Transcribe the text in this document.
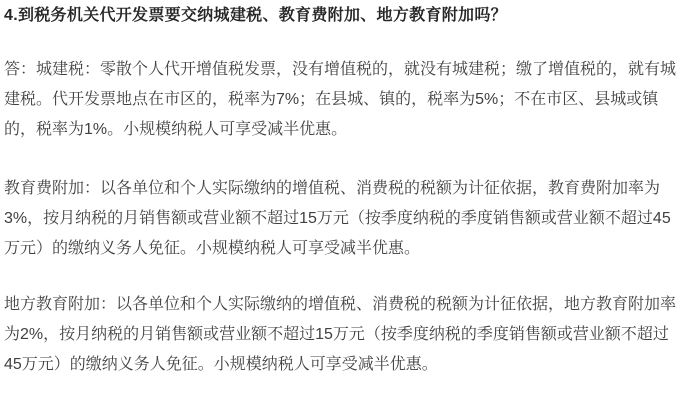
4.到税务机关代开发票要交纳城建税、教育费附加、地方教育附加吗？

答：城建税：零散个人代开增值税发票，没有增值税的，就没有城建税；缴了增值税的，就有城
建税。代开发票地点在市区的，税率为7%；在县城、镇的，税率为5%；不在市区、县城或镇
的，税率为1%。小规模纳税人可享受减半优惠。

教育费附加：以各单位和个人实际缴纳的增值税、消费税的税额为计征依据，教育费附加率为
3%，按月纳税的月销售额或营业额不超过15万元（按季度纳税的季度销售额或营业额不超过45
万元）的缴纳义务人免征。小规模纳税人可享受减半优惠。

地方教育附加：以各单位和个人实际缴纳的增值税、消费税的税额为计征依据，地方教育附加率
为2%，按月纳税的月销售额或营业额不超过15万元（按季度纳税的季度销售额或营业额不超过
45万元）的缴纳义务人免征。小规模纳税人可享受减半优惠。
